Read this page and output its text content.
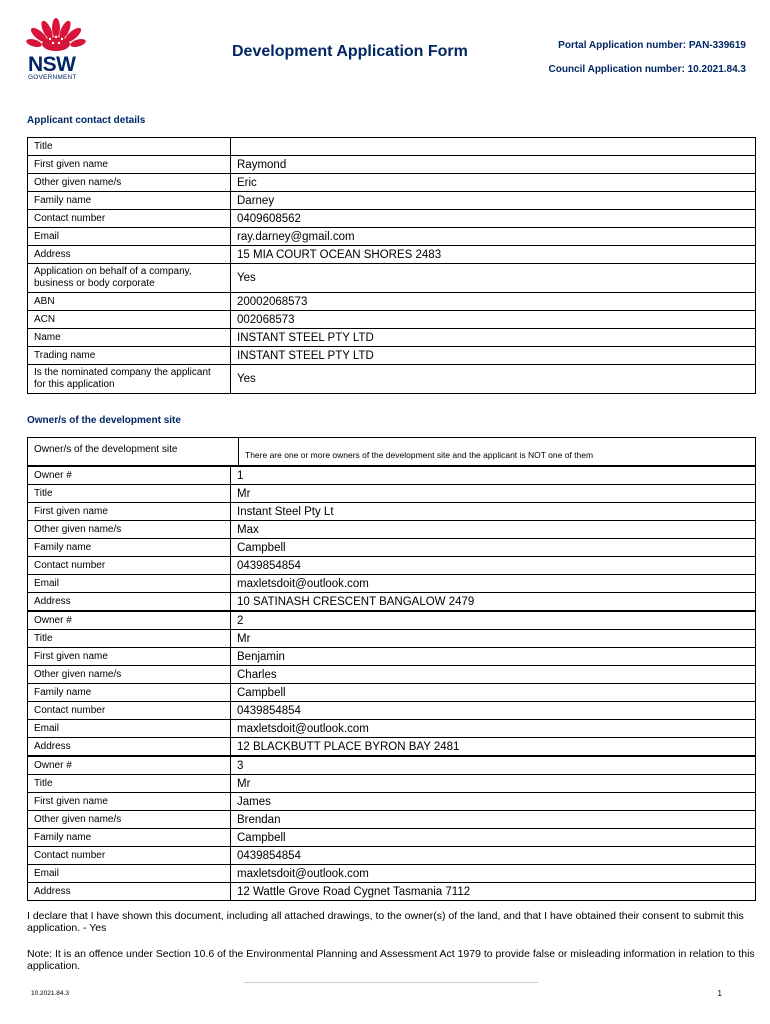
NSW
GOVERNMENT
Development Application Form	Portal Application number: PAN-339619
Council Application number: 10.2021.84.3
Applicant contact details
Title	
First given name	Raymond
Other given name/s	Eric
Family name	Darney
Contact number	0409608562
Email	ray.darney@gmail.com
Address	15 MIA COURT OCEAN SHORES 2483
Application on behalf of a company, business or body corporate	Yes
ABN	20002068573
ACN	002068573
Name	INSTANT STEEL PTY LTD
Trading name	INSTANT STEEL PTY LTD
Is the nominated company the applicant for this application	Yes
Owner/s of the development site
Owner/s of the development site	There are one or more owners of the development site and the applicant is NOT one of them
Owner #	1
Title	Mr
First given name	Instant Steel Pty Lt
Other given name/s	Max
Family name	Campbell
Contact number	0439854854
Email	maxletsdoit@outlook.com
Address	10 SATINASH CRESCENT BANGALOW 2479
Owner #	2
Title	Mr
First given name	Benjamin
Other given name/s	Charles
Family name	Campbell
Contact number	0439854854
Email	maxletsdoit@outlook.com
Address	12 BLACKBUTT PLACE BYRON BAY 2481
Owner #	3
Title	Mr
First given name	James
Other given name/s	Brendan
Family name	Campbell
Contact number	0439854854
Email	maxletsdoit@outlook.com
Address	12 Wattle Grove Road Cygnet Tasmania 7112
I declare that I have shown this document, including all attached drawings, to the owner(s) of the land, and that I have obtained their consent to submit this application. - Yes
Note: It is an offence under Section 10.6 of the Environmental Planning and Assessment Act 1979 to provide false or misleading information in relation to this application.
10.2021.84.3	1
